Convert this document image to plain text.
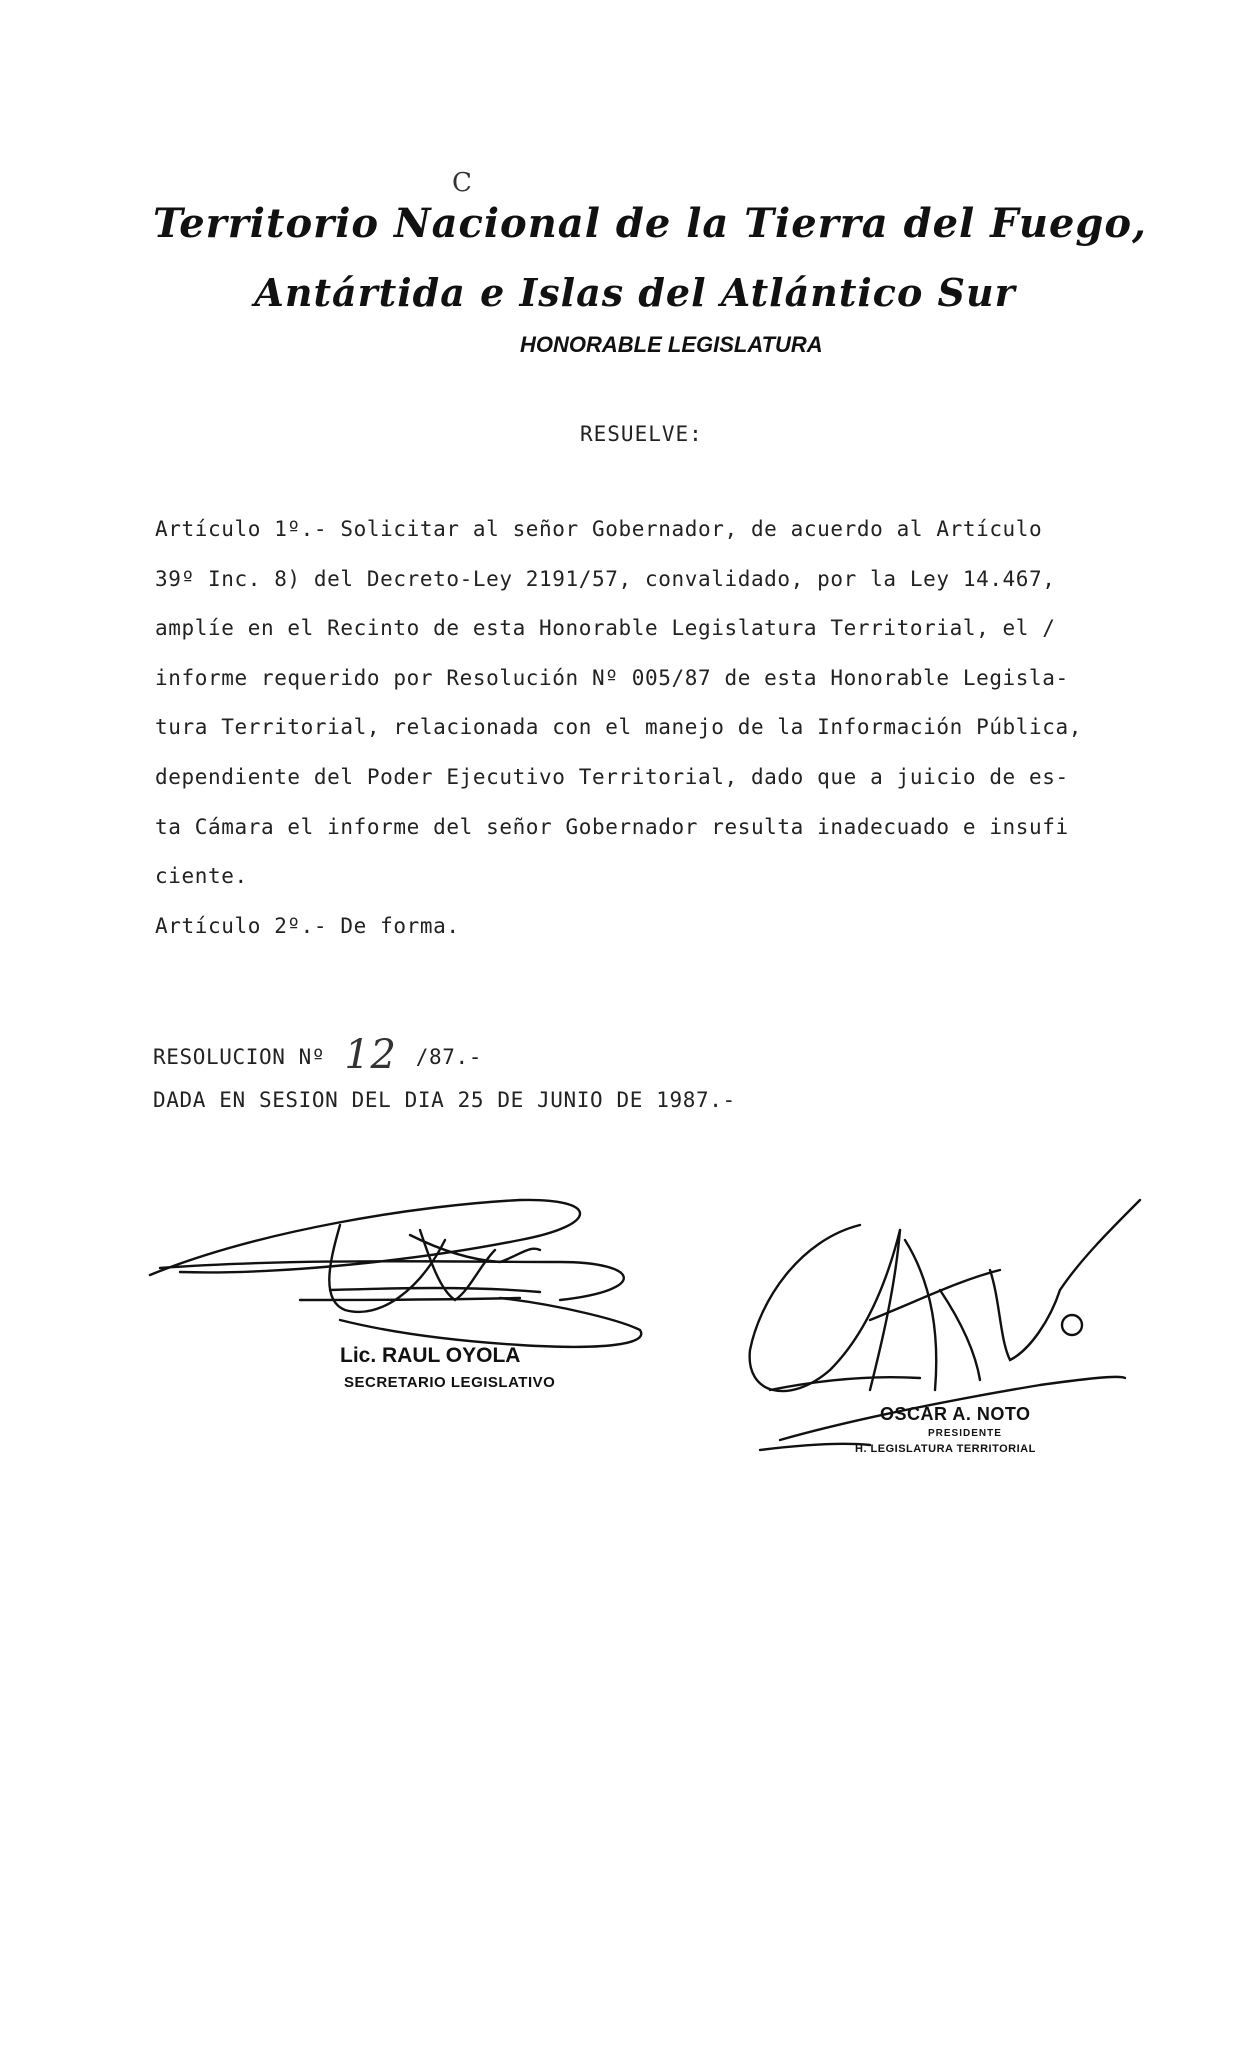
C
Territorio Nacional de la Tierra del Fuego,
Antártida e Islas del Atlántico Sur
HONORABLE LEGISLATURA
RESUELVE:

Artículo 1º.- Solicitar al señor Gobernador, de acuerdo al Artículo
39º Inc. 8) del Decreto-Ley 2191/57, convalidado, por la Ley 14.467,
amplíe en el Recinto de esta Honorable Legislatura Territorial, el /
informe requerido por Resolución Nº 005/87 de esta Honorable Legisla-
tura Territorial, relacionada con el manejo de la Información Pública,
dependiente del Poder Ejecutivo Territorial, dado que a juicio de es-
ta Cámara el informe del señor Gobernador resulta inadecuado e insufi
ciente.

Artículo 2º.- De forma.

RESOLUCION Nº 12 /87.-
DADA EN SESION DEL DIA 25 DE JUNIO DE 1987.-
Lic. RAUL OYOLA
SECRETARIO LEGISLATIVO
OSCAR A. NOTO
PRESIDENTE
H. LEGISLATURA TERRITORIAL
